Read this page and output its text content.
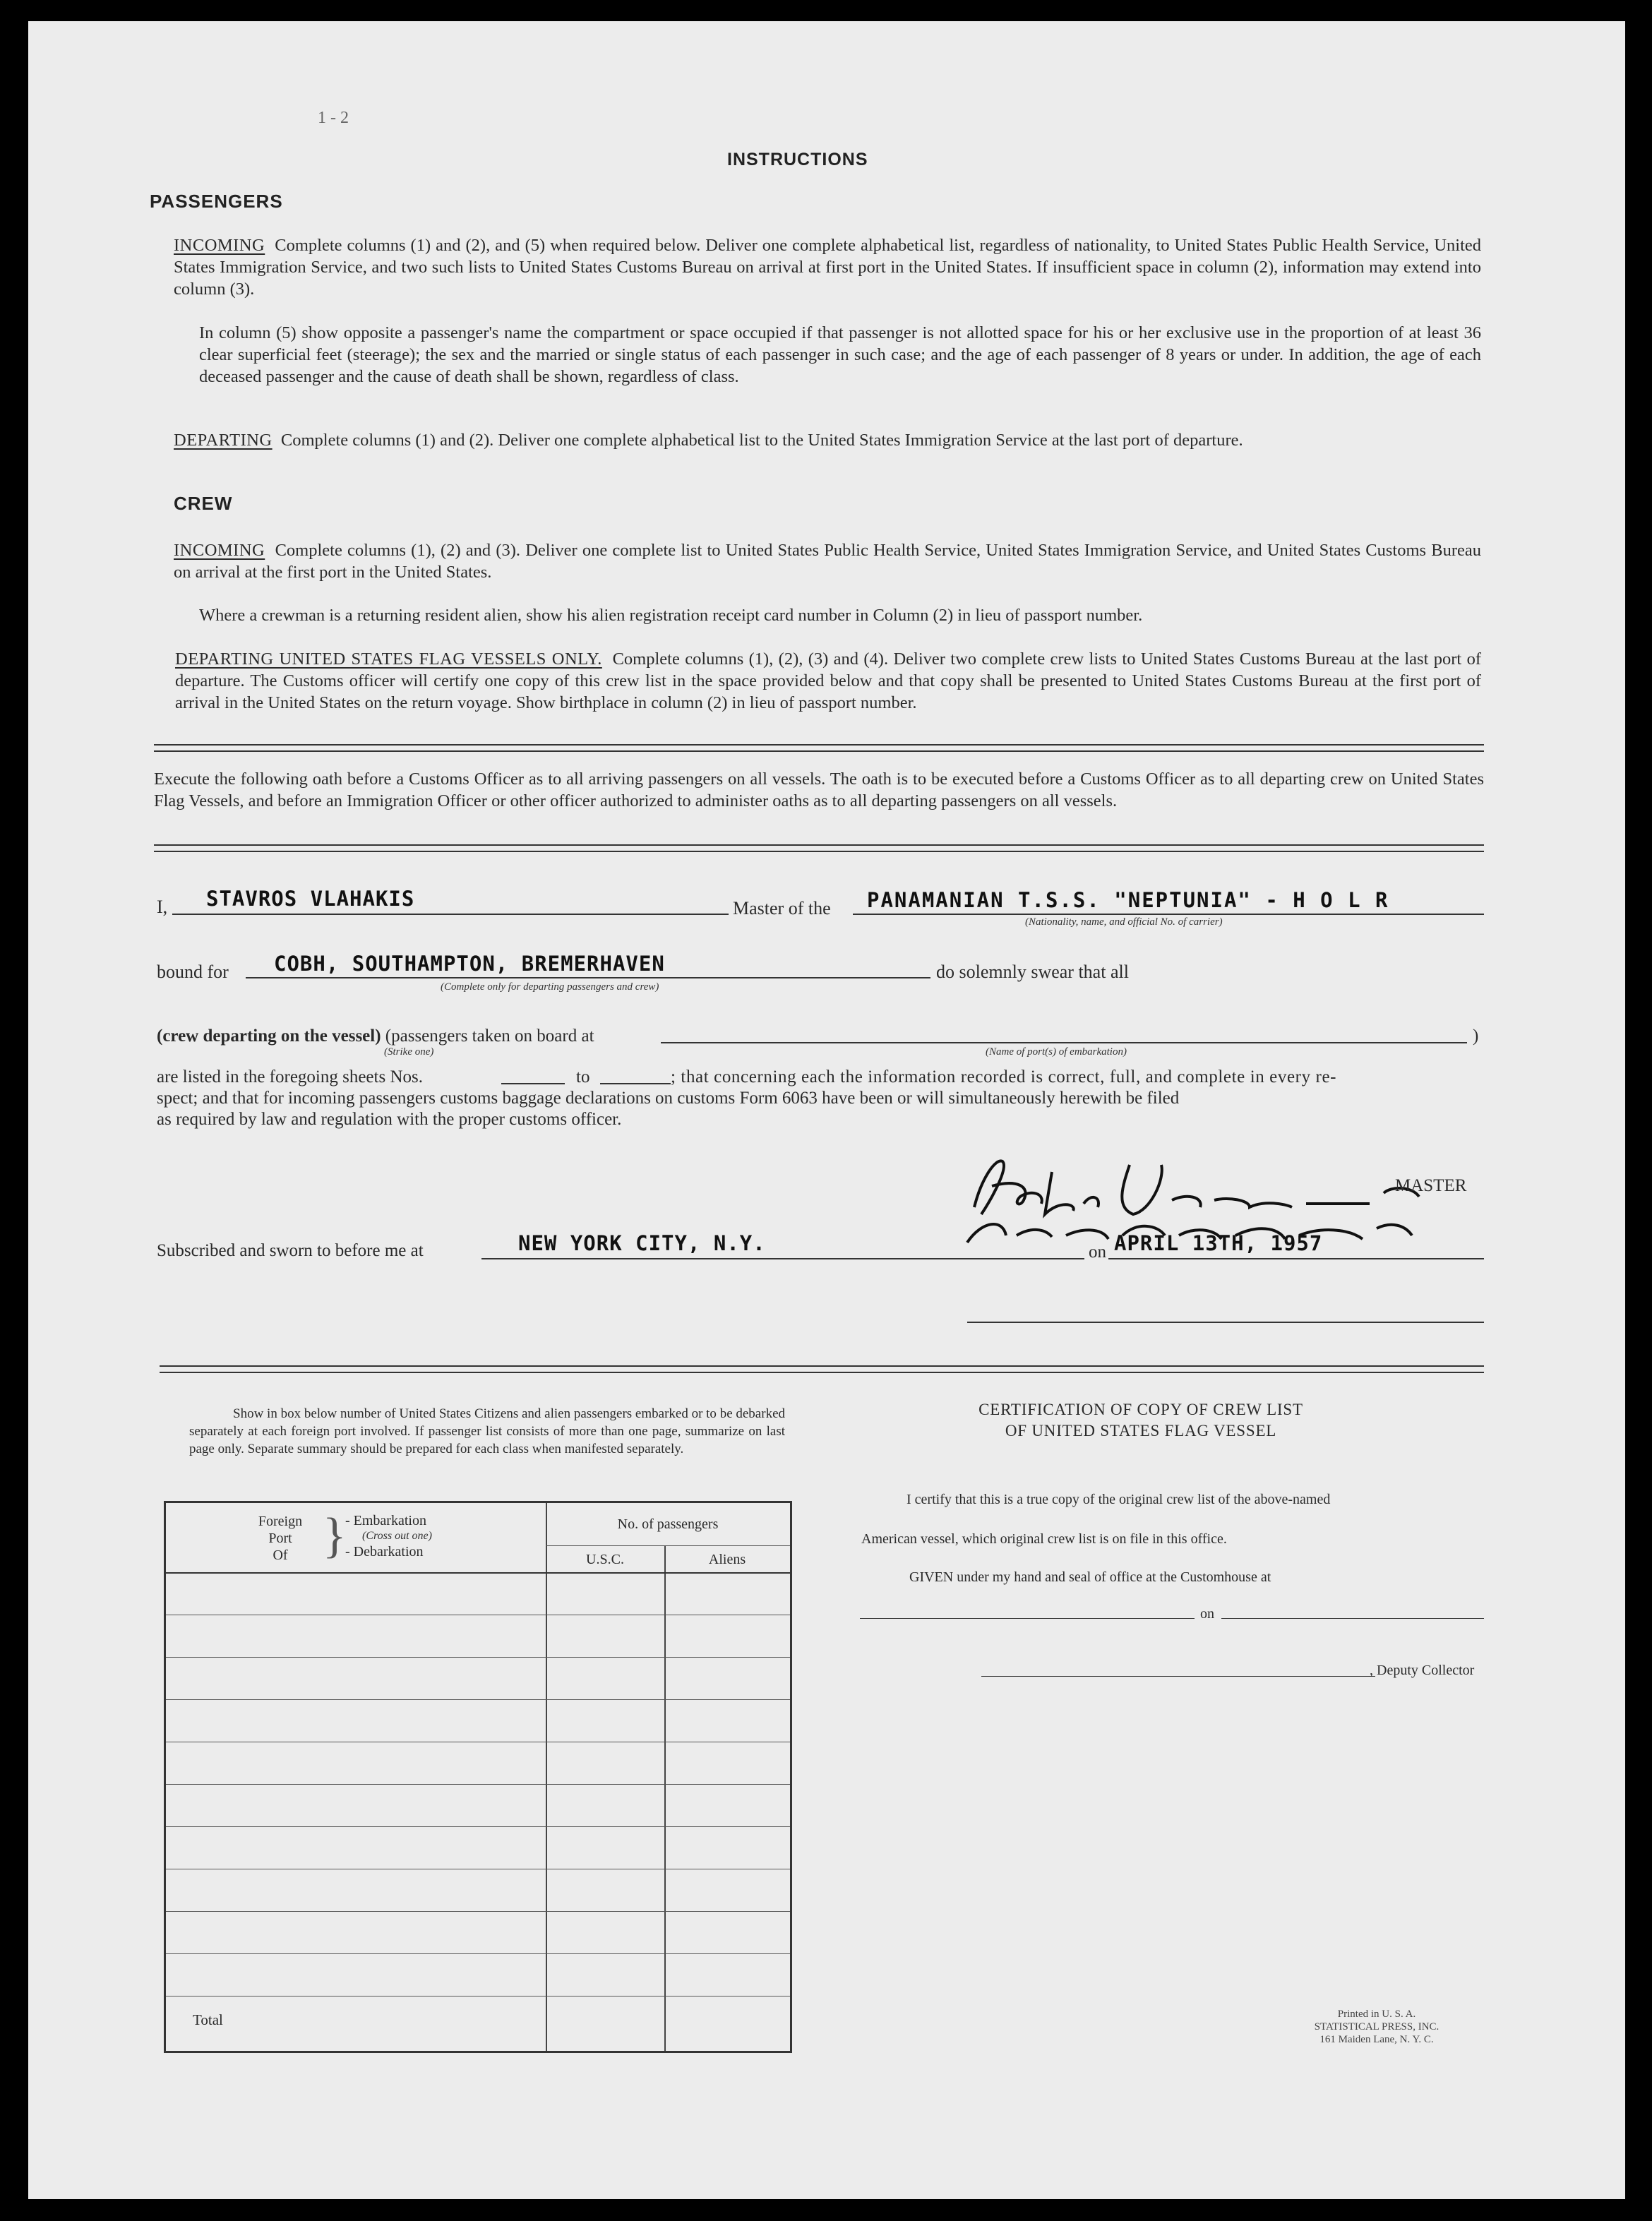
1 - 2
INSTRUCTIONS
PASSENGERS
INCOMING Complete columns (1) and (2), and (5) when required below. Deliver one complete alphabetical list, regardless of nationality, to United States Public Health Service, United States Immigration Service, and two such lists to United States Customs Bureau on arrival at first port in the United States. If insufficient space in column (2), information may extend into column (3).
In column (5) show opposite a passenger's name the compartment or space occupied if that passenger is not allotted space for his or her exclusive use in the proportion of at least 36 clear superficial feet (steerage); the sex and the married or single status of each passenger in such case; and the age of each passenger of 8 years or under. In addition, the age of each deceased passenger and the cause of death shall be shown, regardless of class.
DEPARTING Complete columns (1) and (2). Deliver one complete alphabetical list to the United States Immigration Service at the last port of departure.
CREW
INCOMING Complete columns (1), (2) and (3). Deliver one complete list to United States Public Health Service, United States Immigration Service, and United States Customs Bureau on arrival at the first port in the United States.
Where a crewman is a returning resident alien, show his alien registration receipt card number in Column (2) in lieu of passport number.
DEPARTING UNITED STATES FLAG VESSELS ONLY. Complete columns (1), (2), (3) and (4). Deliver two complete crew lists to United States Customs Bureau at the last port of departure. The Customs officer will certify one copy of this crew list in the space provided below and that copy shall be presented to United States Customs Bureau at the first port of arrival in the United States on the return voyage. Show birthplace in column (2) in lieu of passport number.
Execute the following oath before a Customs Officer as to all arriving passengers on all vessels. The oath is to be executed before a Customs Officer as to all departing crew on United States Flag Vessels, and before an Immigration Officer or other officer authorized to administer oaths as to all departing passengers on all vessels.
I, STAVROS VLAHAKIS	Master of the PANAMANIAN T.S.S. "NEPTUNIA" - H O L R
(Nationality, name, and official No. of carrier)
bound for COBH, SOUTHAMPTON, BREMERHAVEN
(Complete only for departing passengers and crew)
do solemnly swear that all
(crew departing on the vessel) (passengers taken on board at	)
(Strike one)	(Name of port(s) of embarkation)
are listed in the foregoing sheets Nos.	to	; that concerning each the information recorded is correct, full, and complete in every re-
spect; and that for incoming passengers customs baggage declarations on customs Form 6063 have been or will simultaneously herewith be filed
as required by law and regulation with the proper customs officer.
MASTER
Subscribed and sworn to before me at	NEW YORK CITY, N.Y.	on APRIL 13TH, 1957
Show in box below number of United States Citizens and alien passengers embarked or to be debarked separately at each foreign port involved. If passenger list consists of more than one page, summarize on last page only. Separate summary should be prepared for each class when manifested separately.
Foreign
Port
Of }
- Embarkation
(Cross out one)
- Debarkation
No. of passengers
U.S.C.	Aliens
Total
CERTIFICATION OF COPY OF CREW LIST
OF UNITED STATES FLAG VESSEL
I certify that this is a true copy of the original crew list of the above-named
American vessel, which original crew list is on file in this office.
GIVEN under my hand and seal of office at the Customhouse at
on
, Deputy Collector
Printed in U. S. A.
STATISTICAL PRESS, INC.
161 Maiden Lane, N. Y. C.
